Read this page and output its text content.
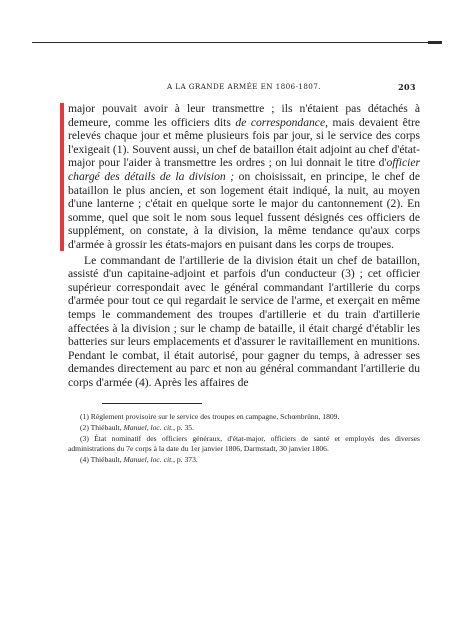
A LA GRANDE ARMÉE EN 1806-1807.	203

major pouvait avoir à leur transmettre ; ils n'étaient pas détachés à demeure, comme les officiers dits de correspondance, mais devaient être relevés chaque jour et même plusieurs fois par jour, si le service des corps l'exigeait (1). Souvent aussi, un chef de bataillon était adjoint au chef d'état-major pour l'aider à transmettre les ordres ; on lui donnait le titre d'officier chargé des détails de la division ; on choisissait, en principe, le chef de bataillon le plus ancien, et son logement était indiqué, la nuit, au moyen d'une lanterne ; c'était en quelque sorte le major du cantonnement (2). En somme, quel que soit le nom sous lequel fussent désignés ces officiers de supplément, on constate, à la division, la même tendance qu'aux corps d'armée à grossir les états-majors en puisant dans les corps de troupes.

Le commandant de l'artillerie de la division était un chef de bataillon, assisté d'un capitaine-adjoint et parfois d'un conducteur (3) ; cet officier supérieur correspondait avec le général commandant l'artillerie du corps d'armée pour tout ce qui regardait le service de l'arme, et exerçait en même temps le commandement des troupes d'artillerie et du train d'artillerie affectées à la division ; sur le champ de bataille, il était chargé d'établir les batteries sur leurs emplacements et d'assurer le ravitaillement en munitions. Pendant le combat, il était autorisé, pour gagner du temps, à adresser ses demandes directement au parc et non au général commandant l'artillerie du corps d'armée (4). Après les affaires de

(1) Règlement provisoire sur le service des troupes en campagne, Schœnbrünn, 1809.

(2) Thiébault, Manuel, loc. cit., p. 35.

(3) État nominatif des officiers généraux, d'état-major, officiers de santé et employés des diverses administrations du 7e corps à la date du 1er janvier 1806, Darmstadt, 30 janvier 1806.

(4) Thiébault, Manuel, loc. cit., p. 373.
